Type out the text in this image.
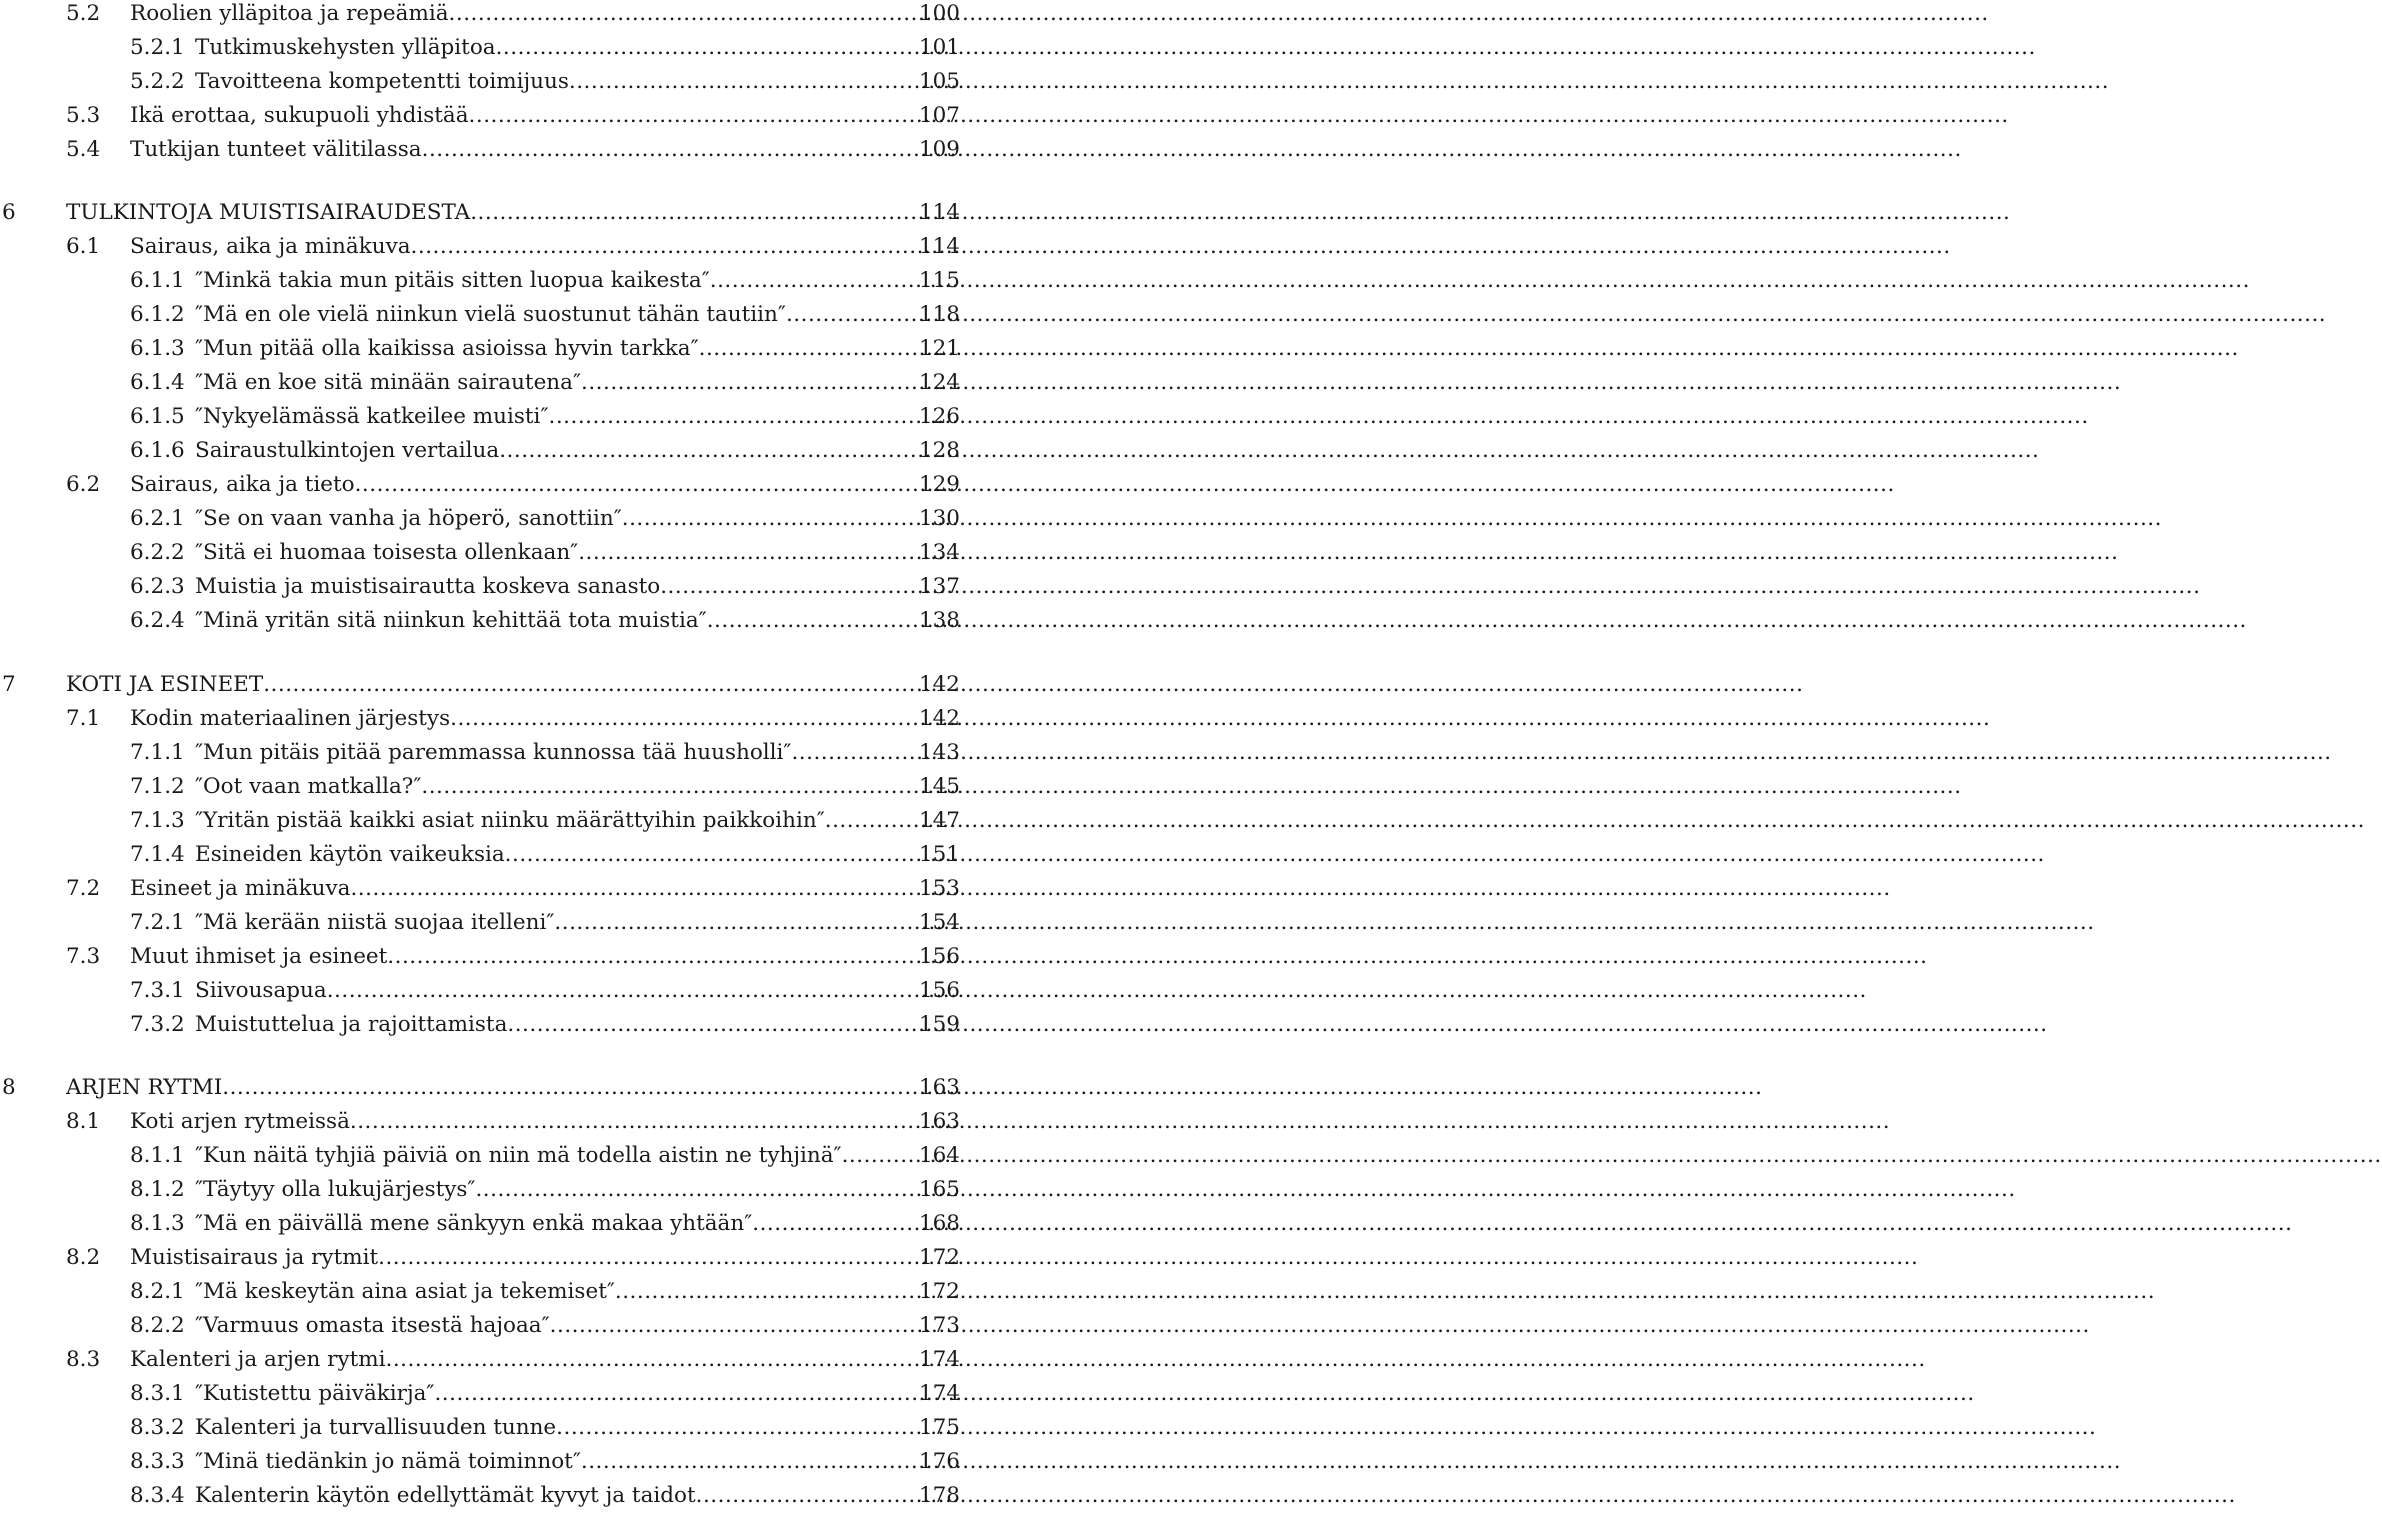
5.2 Roolien ylläpitoa ja repeämiä .....	100
5.2.1 Tutkimuskehysten ylläpitoa .....	101
5.2.2 Tavoitteena kompetentti toimijuus .....	105
5.3 Ikä erottaa, sukupuoli yhdistää .....	107
5.4 Tutkijan tunteet välitilassa .....	109
6 TULKINTOJA MUISTISAIRAUDESTA .....	114
6.1 Sairaus, aika ja minäkuva .....	114
6.1.1 ″Minkä takia mun pitäis sitten luopua kaikesta″ .....	115
6.1.2 ″Mä en ole vielä niinkun vielä suostunut tähän tautiin″ .....	118
6.1.3 ″Mun pitää olla kaikissa asioissa hyvin tarkka″ .....	121
6.1.4 ″Mä en koe sitä minään sairautena″ .....	124
6.1.5 ″Nykyelämässä katkeilee muisti″ .....	126
6.1.6 Sairaustulkintojen vertailua .....	128
6.2 Sairaus, aika ja tieto .....	129
6.2.1 ″Se on vaan vanha ja höperö, sanottiin″ .....	130
6.2.2 ″Sitä ei huomaa toisesta ollenkaan″ .....	134
6.2.3 Muistia ja muistisairautta koskeva sanasto .....	137
6.2.4 ″Minä yritän sitä niinkun kehittää tota muistia″ .....	138
7 KOTI JA ESINEET .....	142
7.1 Kodin materiaalinen järjestys .....	142
7.1.1 ″Mun pitäis pitää paremmassa kunnossa tää huusholli″ .....	143
7.1.2 ″Oot vaan matkalla?″ .....	145
7.1.3 ″Yritän pistää kaikki asiat niinku määrättyihin paikkoihin″ .....	147
7.1.4 Esineiden käytön vaikeuksia .....	151
7.2 Esineet ja minäkuva .....	153
7.2.1 ″Mä kerään niistä suojaa itelleni″ .....	154
7.3 Muut ihmiset ja esineet .....	156
7.3.1 Siivousapua .....	156
7.3.2 Muistuttelua ja rajoittamista .....	159
8 ARJEN RYTMI .....	163
8.1 Koti arjen rytmeissä .....	163
8.1.1 ″Kun näitä tyhjiä päiviä on niin mä todella aistin ne tyhjinä″ .....	164
8.1.2 ″Täytyy olla lukujärjestys″ .....	165
8.1.3 ″Mä en päivällä mene sänkyyn enkä makaa yhtään″ .....	168
8.2 Muistisairaus ja rytmit .....	172
8.2.1 ″Mä keskeytän aina asiat ja tekemiset″ .....	172
8.2.2 ″Varmuus omasta itsestä hajoaa″ .....	173
8.3 Kalenteri ja arjen rytmi .....	174
8.3.1 ″Kutistettu päiväkirja″ .....	174
8.3.2 Kalenteri ja turvallisuuden tunne .....	175
8.3.3 ″Minä tiedänkin jo nämä toiminnot″ .....	176
8.3.4 Kalenterin käytön edellyttämät kyvyt ja taidot .....	178
